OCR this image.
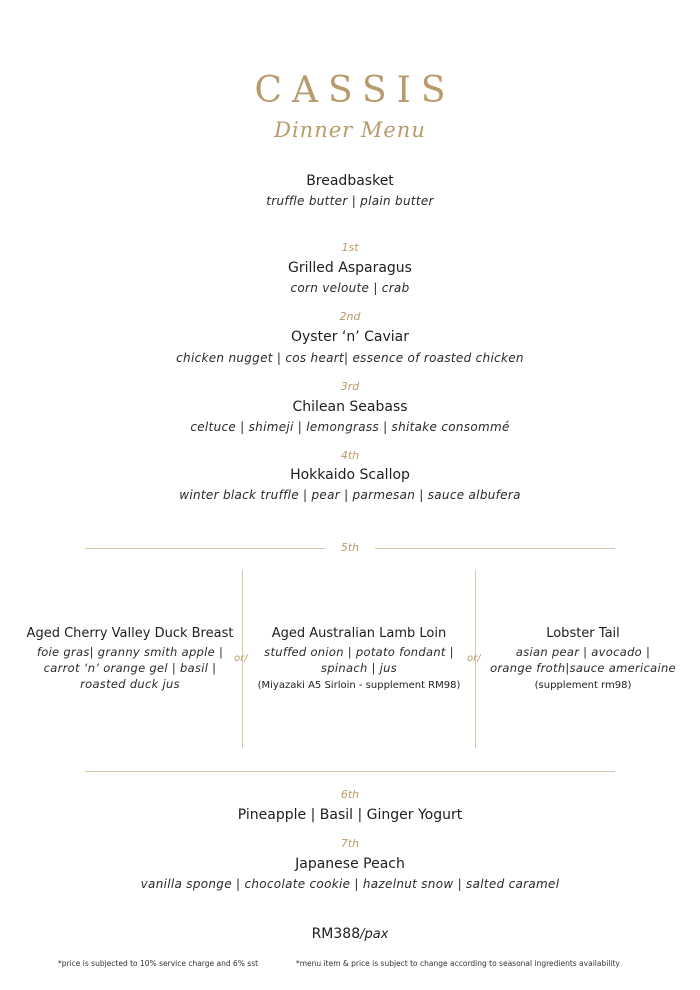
CASSIS
Dinner Menu
Breadbasket
truffle butter | plain butter
1st
Grilled Asparagus
corn veloute | crab
2nd
Oyster ‘n’ Caviar
chicken nugget | cos heart| essence of roasted chicken
3rd
Chilean Seabass
celtuce | shimeji | lemongrass | shitake consommé
4th
Hokkaido Scallop
winter black truffle | pear | parmesan | sauce albufera
5th
Aged Cherry Valley Duck Breast
foie gras| granny smith apple |
carrot ‘n’ orange gel | basil |
roasted duck jus
or/
Aged Australian Lamb Loin
stuffed onion | potato fondant |
spinach | jus
(Miyazaki A5 Sirloin - supplement RM98)
or/
Lobster Tail
asian pear | avocado |
orange froth|sauce americaine
(supplement rm98)
6th
Pineapple | Basil | Ginger Yogurt
7th
Japanese Peach
vanilla sponge | chocolate cookie | hazelnut snow | salted caramel
RM388/pax
*price is subjected to 10% service charge and 6% sst	*menu item & price is subject to change according to seasonal ingredients availability
